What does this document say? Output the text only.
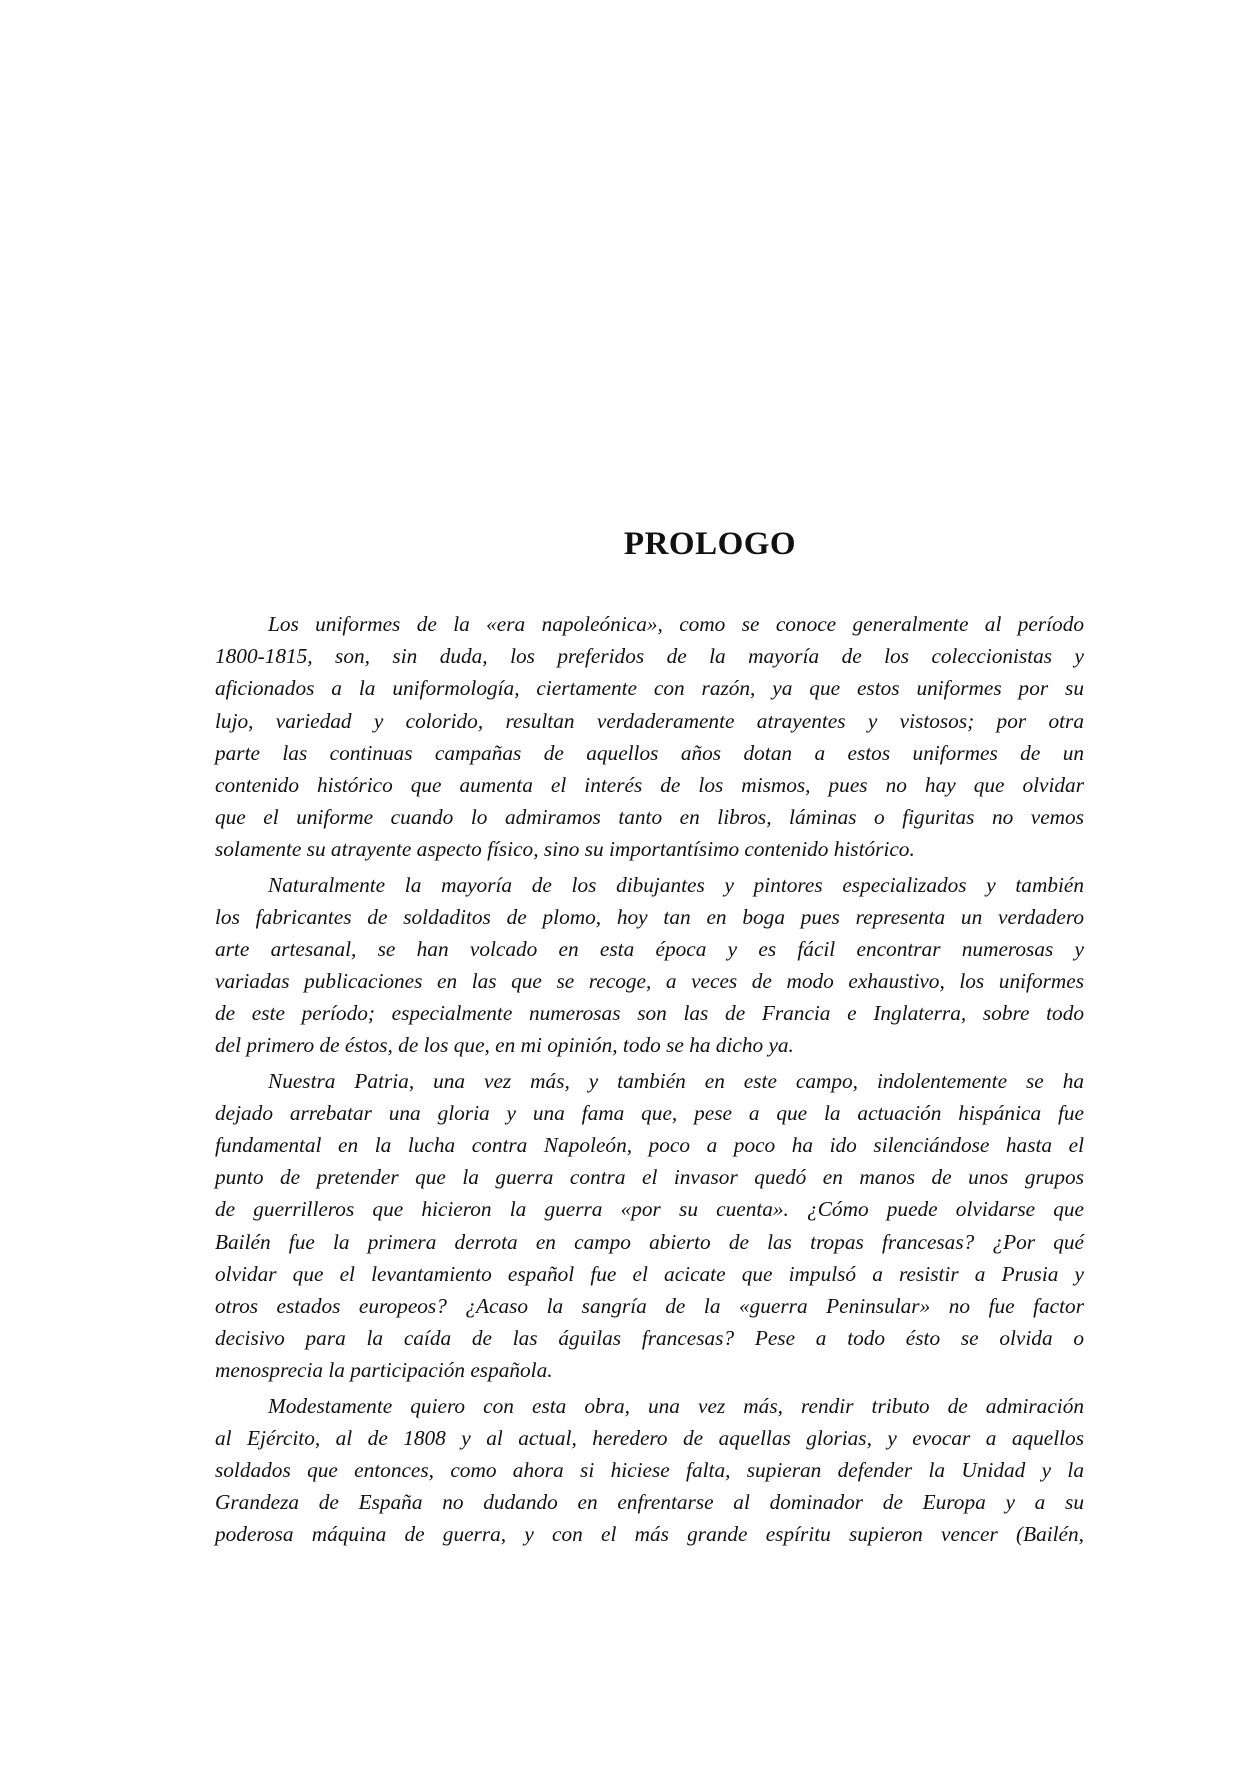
PROLOGO
Los uniformes de la «era napoleónica», como se conoce generalmente al período
1800-1815, son, sin duda, los preferidos de la mayoría de los coleccionistas y
aficionados a la uniformología, ciertamente con razón, ya que estos uniformes por su
lujo, variedad y colorido, resultan verdaderamente atrayentes y vistosos; por otra
parte las continuas campañas de aquellos años dotan a estos uniformes de un
contenido histórico que aumenta el interés de los mismos, pues no hay que olvidar
que el uniforme cuando lo admiramos tanto en libros, láminas o figuritas no vemos
solamente su atrayente aspecto físico, sino su importantísimo contenido histórico.
Naturalmente la mayoría de los dibujantes y pintores especializados y también
los fabricantes de soldaditos de plomo, hoy tan en boga pues representa un verdadero
arte artesanal, se han volcado en esta época y es fácil encontrar numerosas y
variadas publicaciones en las que se recoge, a veces de modo exhaustivo, los uniformes
de este período; especialmente numerosas son las de Francia e Inglaterra, sobre todo
del primero de éstos, de los que, en mi opinión, todo se ha dicho ya.
Nuestra Patria, una vez más, y también en este campo, indolentemente se ha
dejado arrebatar una gloria y una fama que, pese a que la actuación hispánica fue
fundamental en la lucha contra Napoleón, poco a poco ha ido silenciándose hasta el
punto de pretender que la guerra contra el invasor quedó en manos de unos grupos
de guerrilleros que hicieron la guerra «por su cuenta». ¿Cómo puede olvidarse que
Bailén fue la primera derrota en campo abierto de las tropas francesas? ¿Por qué
olvidar que el levantamiento español fue el acicate que impulsó a resistir a Prusia y
otros estados europeos? ¿Acaso la sangría de la «guerra Peninsular» no fue factor
decisivo para la caída de las águilas francesas? Pese a todo ésto se olvida o
menosprecia la participación española.
Modestamente quiero con esta obra, una vez más, rendir tributo de admiración
al Ejército, al de 1808 y al actual, heredero de aquellas glorias, y evocar a aquellos
soldados que entonces, como ahora si hiciese falta, supieran defender la Unidad y la
Grandeza de España no dudando en enfrentarse al dominador de Europa y a su
poderosa máquina de guerra, y con el más grande espíritu supieron vencer (Bailén,
